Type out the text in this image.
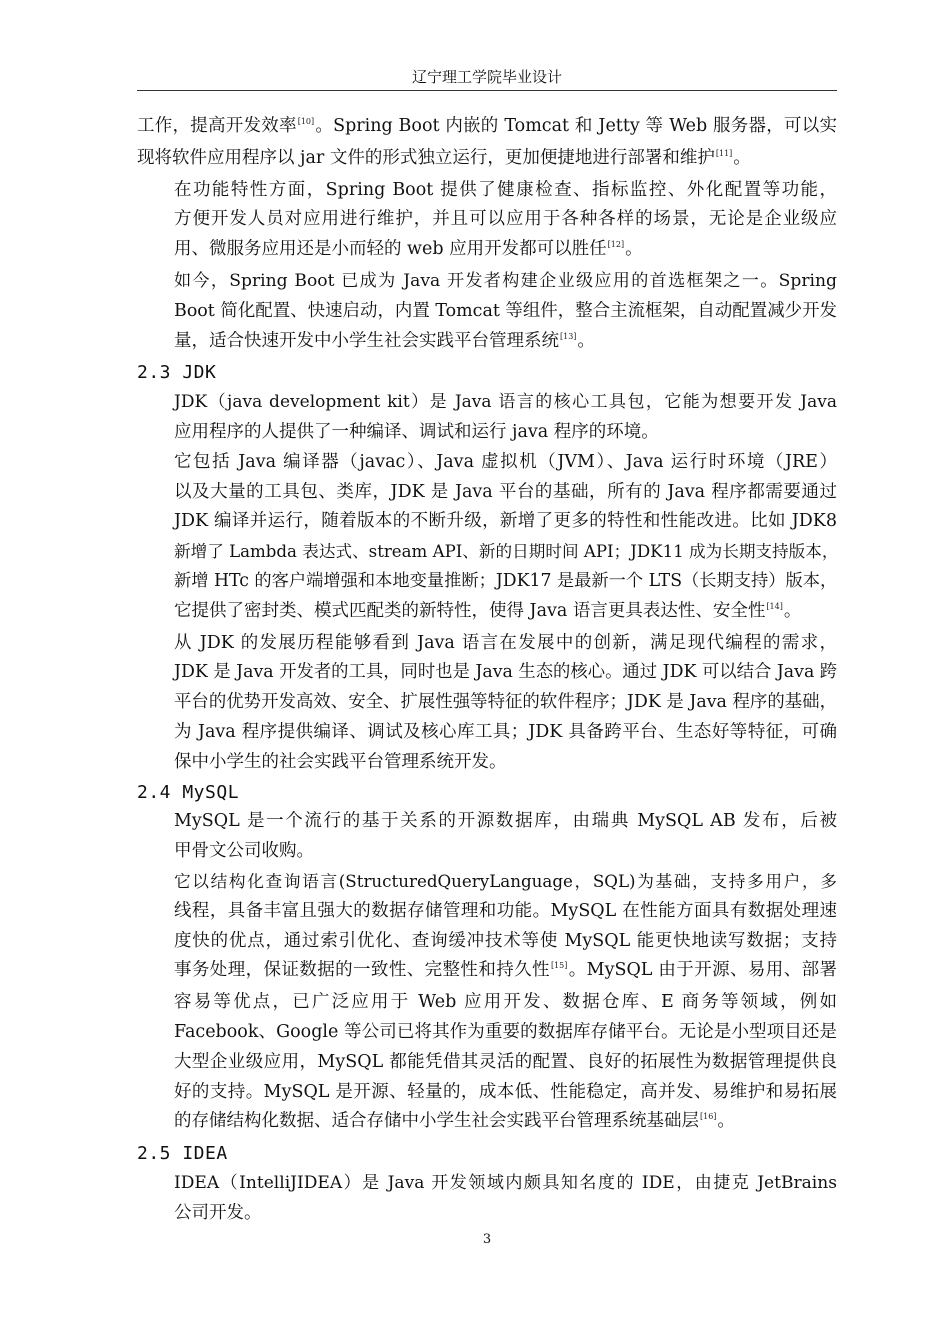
辽宁理工学院毕业设计
工作，提高开发效率[10]。Spring Boot 内嵌的 Tomcat 和 Jetty 等 Web 服务器，可以实
现将软件应用程序以 jar 文件的形式独立运行，更加便捷地进行部署和维护[11]。
在功能特性方面，Spring Boot 提供了健康检查、指标监控、外化配置等功能，
方便开发人员对应用进行维护，并且可以应用于各种各样的场景，无论是企业级应
用、微服务应用还是小而轻的 web 应用开发都可以胜任[12]。
如今，Spring Boot 已成为 Java 开发者构建企业级应用的首选框架之一。Spring
Boot 简化配置、快速启动，内置 Tomcat 等组件，整合主流框架，自动配置减少开发
量，适合快速开发中小学生社会实践平台管理系统[13]。
2.3 JDK
JDK（java development kit）是 Java 语言的核心工具包，它能为想要开发 Java
应用程序的人提供了一种编译、调试和运行 java 程序的环境。
它包括 Java 编译器（javac）、Java 虚拟机（JVM）、Java 运行时环境（JRE）
以及大量的工具包、类库，JDK 是 Java 平台的基础，所有的 Java 程序都需要通过
JDK 编译并运行，随着版本的不断升级，新增了更多的特性和性能改进。比如 JDK8
新增了 Lambda 表达式、stream API、新的日期时间 API；JDK11 成为长期支持版本，
新增 HTc 的客户端增强和本地变量推断；JDK17 是最新一个 LTS（长期支持）版本，
它提供了密封类、模式匹配类的新特性，使得 Java 语言更具表达性、安全性[14]。
从 JDK 的发展历程能够看到 Java 语言在发展中的创新，满足现代编程的需求，
JDK 是 Java 开发者的工具，同时也是 Java 生态的核心。通过 JDK 可以结合 Java 跨
平台的优势开发高效、安全、扩展性强等特征的软件程序；JDK 是 Java 程序的基础，
为 Java 程序提供编译、调试及核心库工具；JDK 具备跨平台、生态好等特征，可确
保中小学生的社会实践平台管理系统开发。
2.4 MySQL
MySQL 是一个流行的基于关系的开源数据库，由瑞典 MySQL AB 发布，后被
甲骨文公司收购。
它以结构化查询语言(StructuredQueryLanguage，SQL)为基础，支持多用户，多
线程，具备丰富且强大的数据存储管理和功能。MySQL 在性能方面具有数据处理速
度快的优点，通过索引优化、查询缓冲技术等使 MySQL 能更快地读写数据；支持
事务处理，保证数据的一致性、完整性和持久性[15]。MySQL 由于开源、易用、部署
容易等优点，已广泛应用于 Web 应用开发、数据仓库、E 商务等领域，例如
Facebook、Google 等公司已将其作为重要的数据库存储平台。无论是小型项目还是
大型企业级应用，MySQL 都能凭借其灵活的配置、良好的拓展性为数据管理提供良
好的支持。MySQL 是开源、轻量的，成本低、性能稳定，高并发、易维护和易拓展
的存储结构化数据、适合存储中小学生社会实践平台管理系统基础层[16]。
2.5 IDEA
IDEA（IntelliJIDEA）是 Java 开发领域内颇具知名度的 IDE，由捷克 JetBrains
公司开发。
3
